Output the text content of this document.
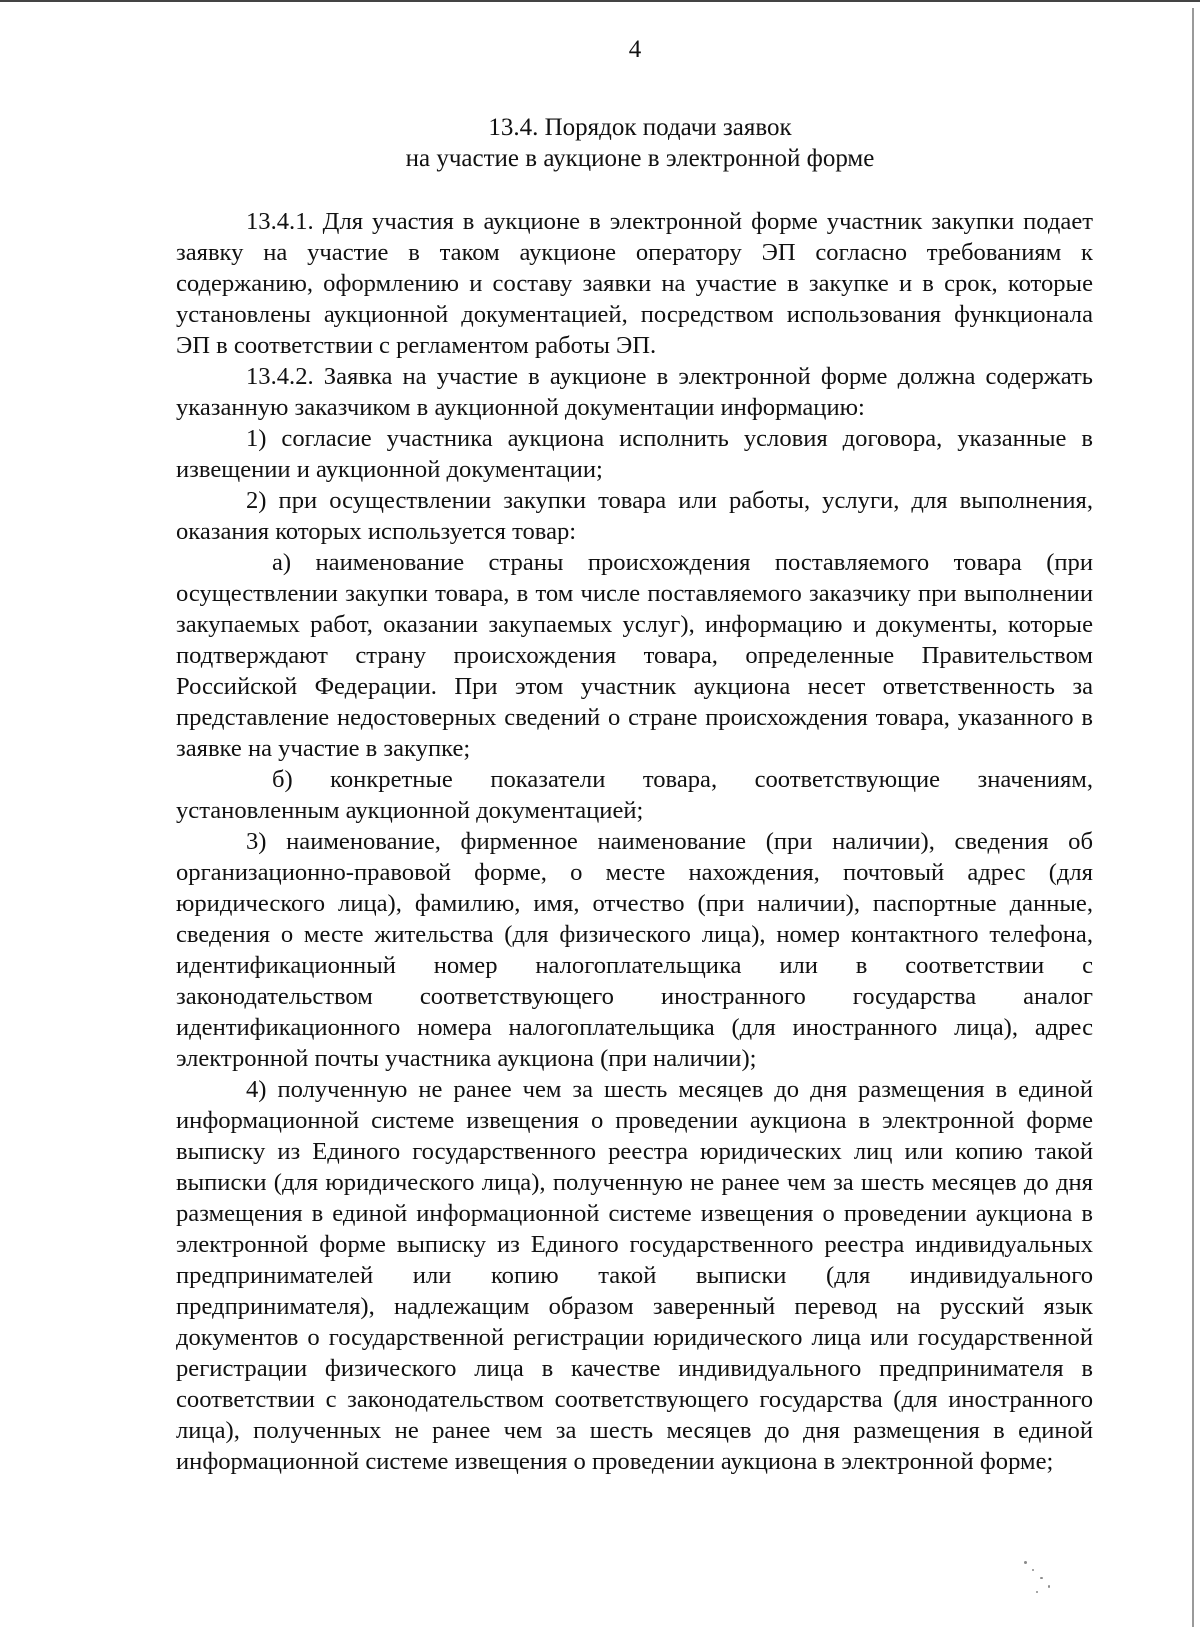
4
13.4. Порядок подачи заявок
на участие в аукционе в электронной форме

13.4.1. Для участия в аукционе в электронной форме участник закупки подает заявку на участие в таком аукционе оператору ЭП согласно требованиям к содержанию, оформлению и составу заявки на участие в закупке и в срок, которые установлены аукционной документацией, посредством использования функционала ЭП в соответствии с регламентом работы ЭП.

13.4.2. Заявка на участие в аукционе в электронной форме должна содержать указанную заказчиком в аукционной документации информацию:

1) согласие участника аукциона исполнить условия договора, указанные в извещении и аукционной документации;

2) при осуществлении закупки товара или работы, услуги, для выполнения, оказания которых используется товар:

а) наименование страны происхождения поставляемого товара (при осуществлении закупки товара, в том числе поставляемого заказчику при выполнении закупаемых работ, оказании закупаемых услуг), информацию и документы, которые подтверждают страну происхождения товара, определенные Правительством Российской Федерации. При этом участник аукциона несет ответственность за представление недостоверных сведений о стране происхождения товара, указанного в заявке на участие в закупке;

б) конкретные показатели товара, соответствующие значениям, установленным аукционной документацией;

3) наименование, фирменное наименование (при наличии), сведения об организационно-правовой форме, о месте нахождения, почтовый адрес (для юридического лица), фамилию, имя, отчество (при наличии), паспортные данные, сведения о месте жительства (для физического лица), номер контактного телефона, идентификационный номер налогоплательщика или в соответствии с законодательством соответствующего иностранного государства аналог идентификационного номера налогоплательщика (для иностранного лица), адрес электронной почты участника аукциона (при наличии);

4) полученную не ранее чем за шесть месяцев до дня размещения в единой информационной системе извещения о проведении аукциона в электронной форме выписку из Единого государственного реестра юридических лиц или копию такой выписки (для юридического лица), полученную не ранее чем за шесть месяцев до дня размещения в единой информационной системе извещения о проведении аукциона в электронной форме выписку из Единого государственного реестра индивидуальных предпринимателей или копию такой выписки (для индивидуального предпринимателя), надлежащим образом заверенный перевод на русский язык документов о государственной регистрации юридического лица или государственной регистрации физического лица в качестве индивидуального предпринимателя в соответствии с законодательством соответствующего государства (для иностранного лица), полученных не ранее чем за шесть месяцев до дня размещения в единой информационной системе извещения о проведении аукциона в электронной форме;
